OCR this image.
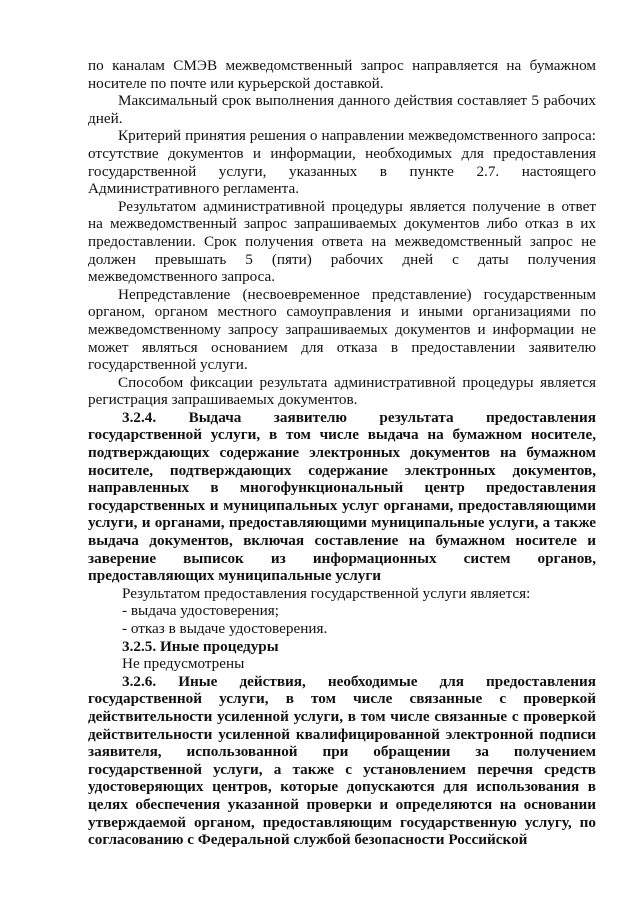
по каналам СМЭВ межведомственный запрос направляется на бумажном носителе по почте или курьерской доставкой.
Максимальный срок выполнения данного действия составляет 5 рабочих дней.
Критерий принятия решения о направлении межведомственного запроса: отсутствие документов и информации, необходимых для предоставления государственной услуги, указанных в пункте 2.7. настоящего Административного регламента.
Результатом административной процедуры является получение в ответ на межведомственный запрос запрашиваемых документов либо отказ в их предоставлении. Срок получения ответа на межведомственный запрос не должен превышать 5 (пяти) рабочих дней с даты получения межведомственного запроса.
Непредставление (несвоевременное представление) государственным органом, органом местного самоуправления и иными организациями по межведомственному запросу запрашиваемых документов и информации не может являться основанием для отказа в предоставлении заявителю государственной услуги.
Способом фиксации результата административной процедуры является регистрация запрашиваемых документов.
3.2.4. Выдача заявителю результата предоставления государственной услуги, в том числе выдача на бумажном носителе, подтверждающих содержание электронных документов на бумажном носителе, подтверждающих содержание электронных документов, направленных в многофункциональный центр предоставления государственных и муниципальных услуг органами, предоставляющими услуги, и органами, предоставляющими муниципальные услуги, а также выдача документов, включая составление на бумажном носителе и заверение выписок из информационных систем органов, предоставляющих муниципальные услуги
Результатом предоставления государственной услуги является:
- выдача удостоверения;
- отказ в выдаче удостоверения.
3.2.5. Иные процедуры
Не предусмотрены
3.2.6. Иные действия, необходимые для предоставления государственной услуги, в том числе связанные с проверкой действительности усиленной услуги, в том числе связанные с проверкой действительности усиленной квалифицированной электронной подписи заявителя, использованной при обращении за получением государственной услуги, а также с установлением перечня средств удостоверяющих центров, которые допускаются для использования в целях обеспечения указанной проверки и определяются на основании утверждаемой органом, предоставляющим государственную услугу, по согласованию с Федеральной службой безопасности Российской
